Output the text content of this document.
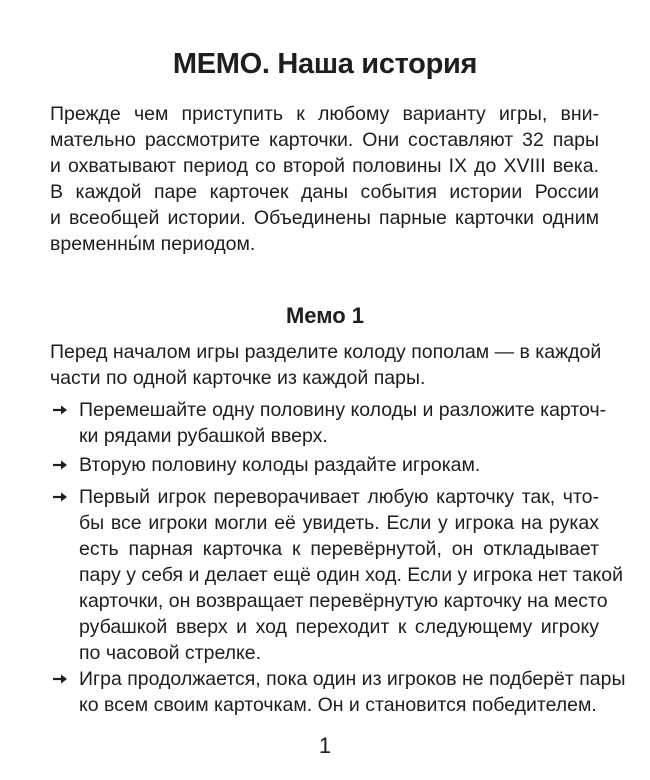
МЕМО. Наша история
Прежде чем приступить к любому варианту игры, вни-
мательно рассмотрите карточки. Они составляют 32 пары
и охватывают период со второй половины IX до XVIII века.
В каждой паре карточек даны события истории России
и всеобщей истории. Объединены парные карточки одним
временны́м периодом.
Мемо 1
Перед началом игры разделите колоду пополам — в каждой
части по одной карточке из каждой пары.
Перемешайте одну половину колоды и разложите карточ-
ки рядами рубашкой вверх.
Вторую половину колоды раздайте игрокам.
Первый игрок переворачивает любую карточку так, что-
бы все игроки могли её увидеть. Если у игрока на руках
есть парная карточка к перевёрнутой, он откладывает
пару у себя и делает ещё один ход. Если у игрока нет такой
карточки, он возвращает перевёрнутую карточку на место
рубашкой вверх и ход переходит к следующему игроку
по часовой стрелке.
Игра продолжается, пока один из игроков не подберёт пары
ко всем своим карточкам. Он и становится победителем.
1
